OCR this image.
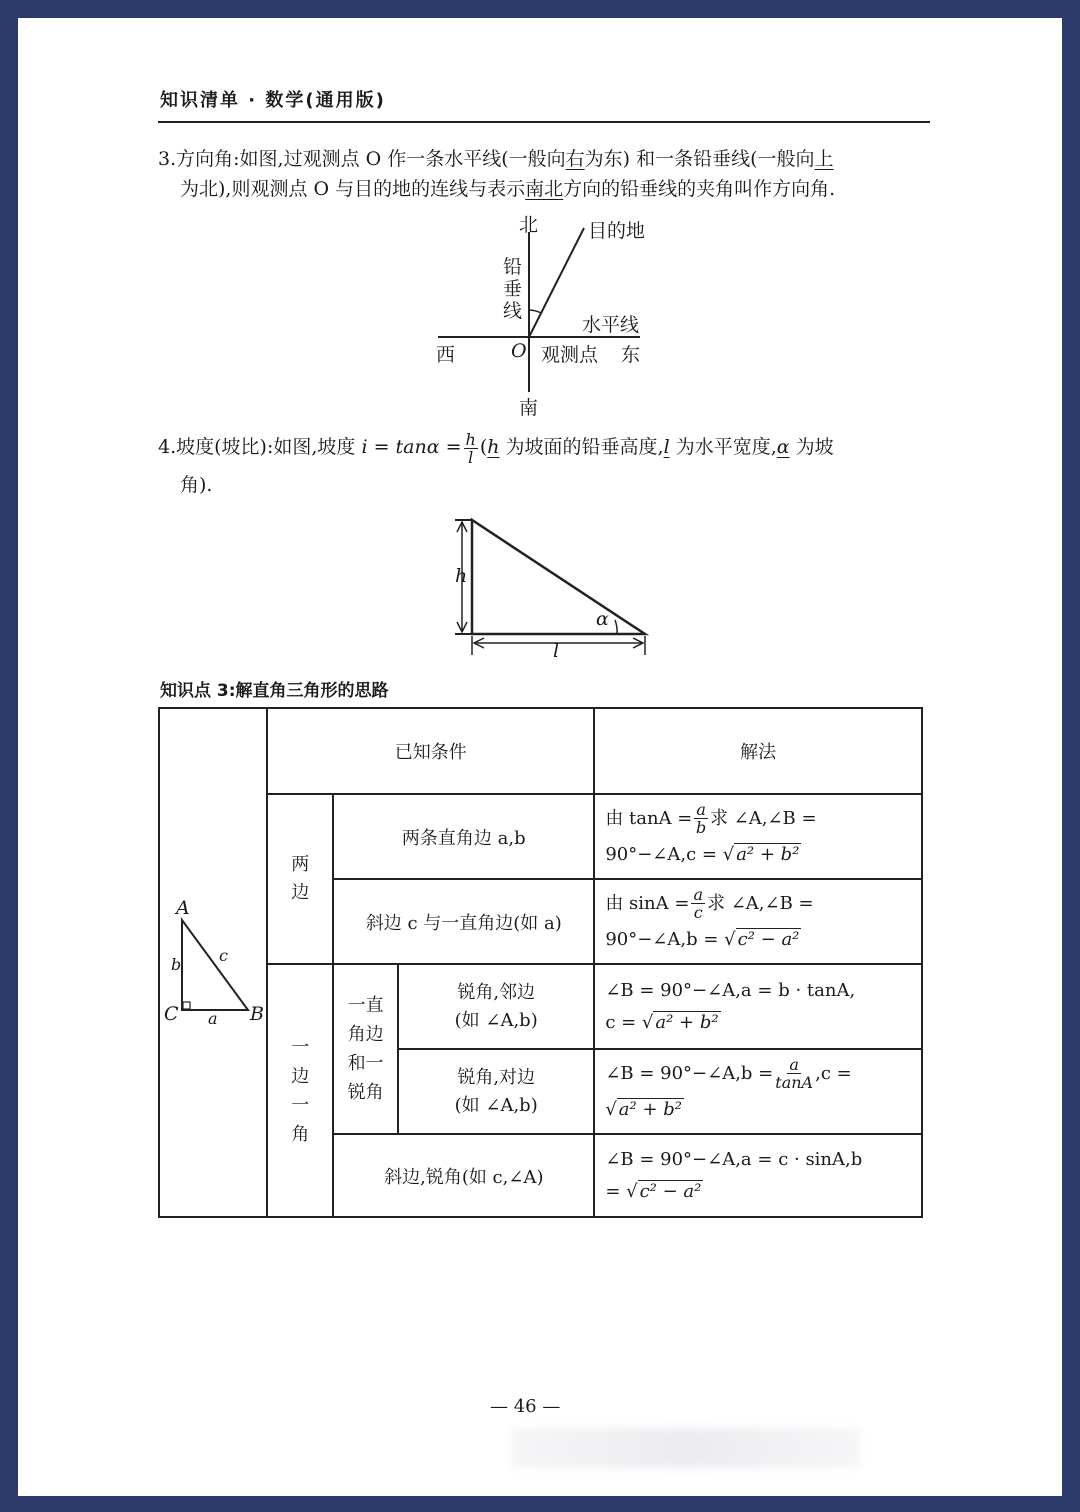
知识清单 · 数学(通用版)
3.方向角:如图,过观测点 O 作一条水平线(一般向右为东) 和一条铅垂线(一般向上
为北),则观测点 O 与目的地的连线与表示南北方向的铅垂线的夹角叫作方向角.
北	目的地
铅垂线
水平线
西	O 观测点 东
南
4.坡度(坡比):如图,坡度 $i = \tan\alpha = \frac{h}{l} (h$ 为坡面的铅垂高度,l 为水平宽度,α 为坡
角).
h
l
α
知识点 3:解直角三角形的思路
	已知条件			解法
	两边	两条直角边 a,b		由 $\tan A = \frac{a}{b}$ 求 ∠A,∠B =
90°−∠A,c = √ a² + b²

		斜边 c 与一直角边(如 a)		由 $\sin A = \frac{a}{c}$ 求 ∠A,∠B =
90°−∠A,b = √ c² − a²

	一边一角	一直角边和一锐角	锐角,邻边
(如 ∠A,b)	∠B = 90°−∠A,a = b · tanA,
c = √ a² + b²

			锐角,对边
(如 ∠A,b)	∠B = 90°−∠A,b = $\frac{a}{\tan A} ,c$ =
√ a² + b²

		斜边,锐角(如 c,∠A)		∠B = 90°−∠A,a = c · sinA,b
= √ c² − a²
A
C	B
b c
a
— 46 —
